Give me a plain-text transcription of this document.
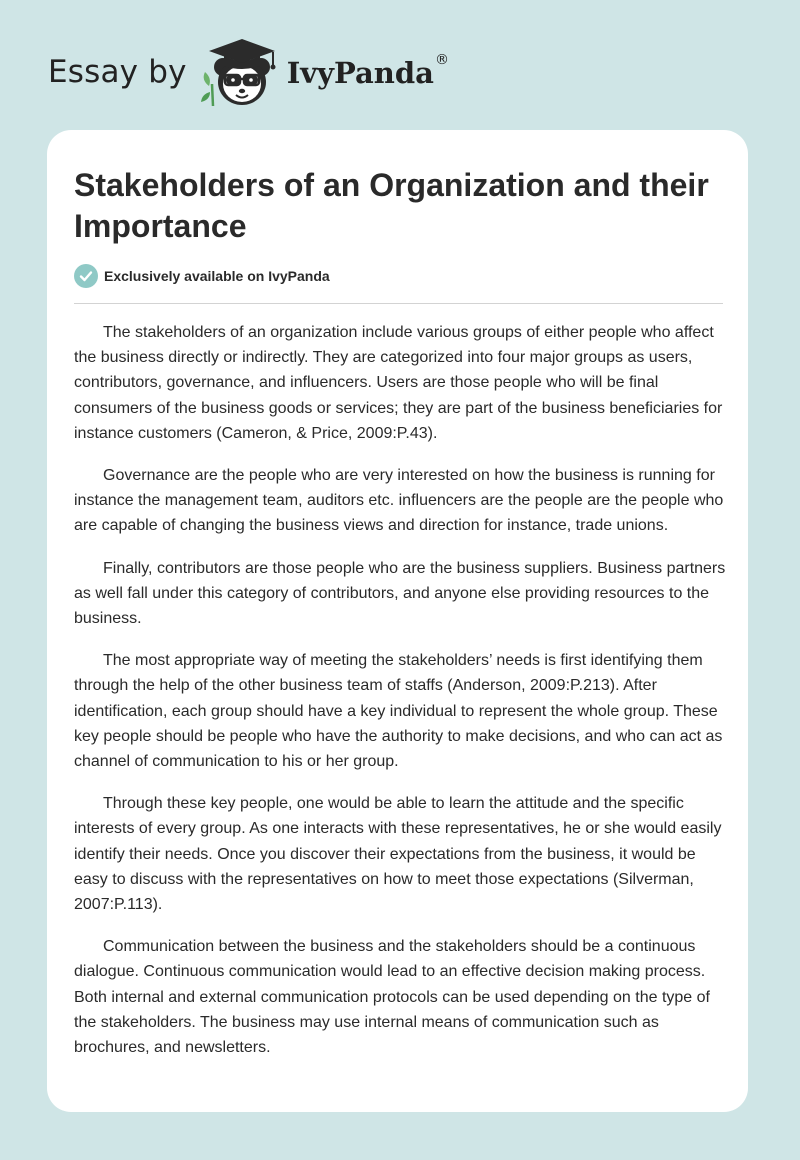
Essay by	IvyPanda ®
Stakeholders of an Organization and their Importance
Exclusively available on IvyPanda

The stakeholders of an organization include various groups of either people who affect the business directly or indirectly. They are categorized into four major groups as users, contributors, governance, and influencers. Users are those people who will be final consumers of the business goods or services; they are part of the business beneficiaries for instance customers (Cameron, & Price, 2009:P.43).

Governance are the people who are very interested on how the business is running for instance the management team, auditors etc. influencers are the people are the people who are capable of changing the business views and direction for instance, trade unions.

Finally, contributors are those people who are the business suppliers. Business partners as well fall under this category of contributors, and anyone else providing resources to the business.

The most appropriate way of meeting the stakeholders’ needs is first identifying them through the help of the other business team of staffs (Anderson, 2009:P.213). After identification, each group should have a key individual to represent the whole group. These key people should be people who have the authority to make decisions, and who can act as channel of communication to his or her group.

Through these key people, one would be able to learn the attitude and the specific interests of every group. As one interacts with these representatives, he or she would easily identify their needs. Once you discover their expectations from the business, it would be easy to discuss with the representatives on how to meet those expectations (Silverman, 2007:P.113).

Communication between the business and the stakeholders should be a continuous dialogue. Continuous communication would lead to an effective decision making process. Both internal and external communication protocols can be used depending on the type of the stakeholders. The business may use internal means of communication such as brochures, and newsletters.
